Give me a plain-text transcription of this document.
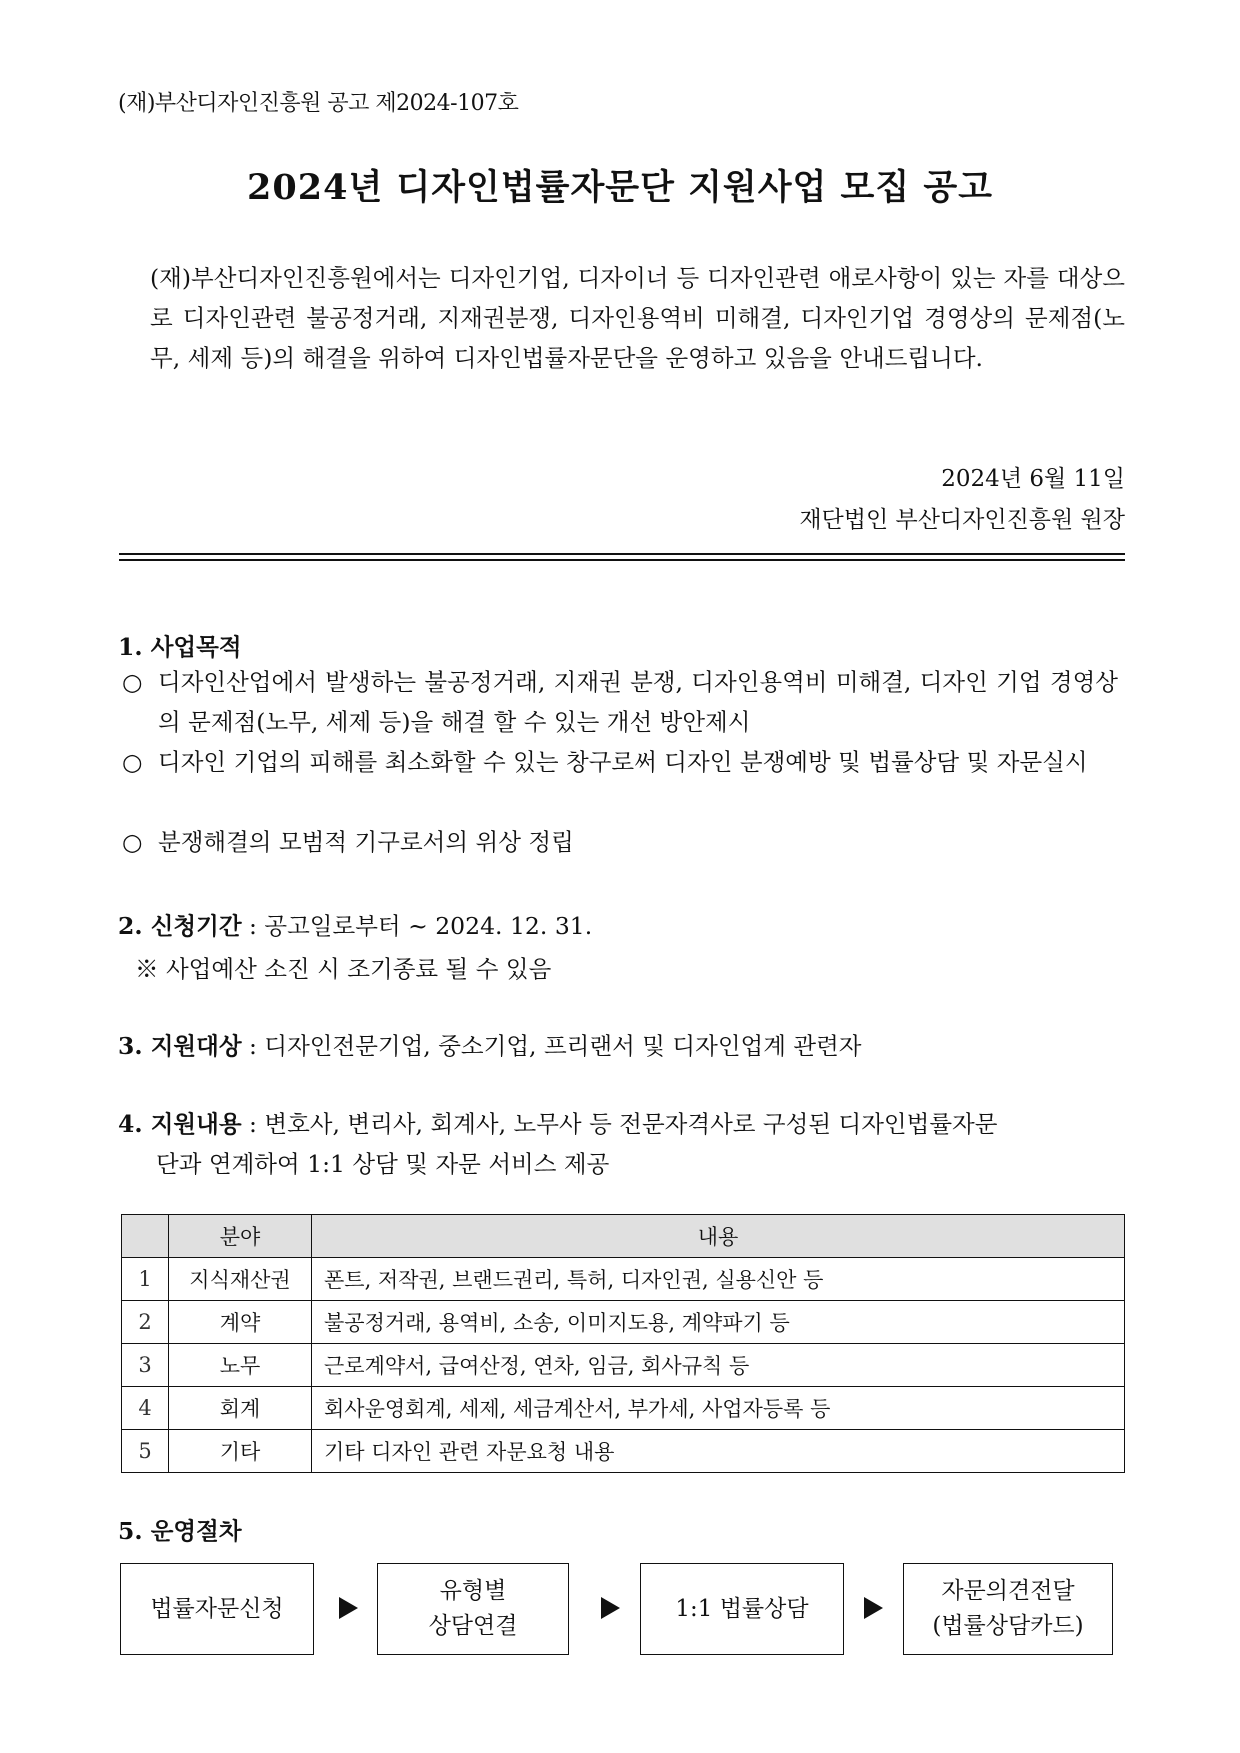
(재)부산디자인진흥원 공고 제2024-107호
2024년 디자인법률자문단 지원사업 모집 공고
(재)부산디자인진흥원에서는 디자인기업, 디자이너 등 디자인관련 애로사항이 있는 자를 대상으로 디자인관련 불공정거래, 지재권분쟁, 디자인용역비 미해결, 디자인기업 경영상의 문제점(노무, 세제 등)의 해결을 위하여 디자인법률자문단을 운영하고 있음을 안내드립니다.
2024년 6월 11일
재단법인 부산디자인진흥원 원장
1. 사업목적
○ 디자인산업에서 발생하는 불공정거래, 지재권 분쟁, 디자인용역비 미해결, 디자인 기업 경영상의 문제점(노무, 세제 등)을 해결 할 수 있는 개선 방안제시
○ 디자인 기업의 피해를 최소화할 수 있는 창구로써 디자인 분쟁예방 및 법률상담 및 자문실시
○ 분쟁해결의 모범적 기구로서의 위상 정립
2. 신청기간 : 공고일로부터 ~ 2024. 12. 31.
※ 사업예산 소진 시 조기종료 될 수 있음
3. 지원대상 : 디자인전문기업, 중소기업, 프리랜서 및 디자인업계 관련자
4. 지원내용 : 변호사, 변리사, 회계사, 노무사 등 전문자격사로 구성된 디자인법률자문
단과 연계하여 1:1 상담 및 자문 서비스 제공
	분야	내용
1	지식재산권	폰트, 저작권, 브랜드권리, 특허, 디자인권, 실용신안 등
2	계약	불공정거래, 용역비, 소송, 이미지도용, 계약파기 등
3	노무	근로계약서, 급여산정, 연차, 임금, 회사규칙 등
4	회계	회사운영회계, 세제, 세금계산서, 부가세, 사업자등록 등
5	기타	기타 디자인 관련 자문요청 내용
5. 운영절차
법률자문신청
유형별
상담연결
1:1 법률상담
자문의견전달
(법률상담카드)
